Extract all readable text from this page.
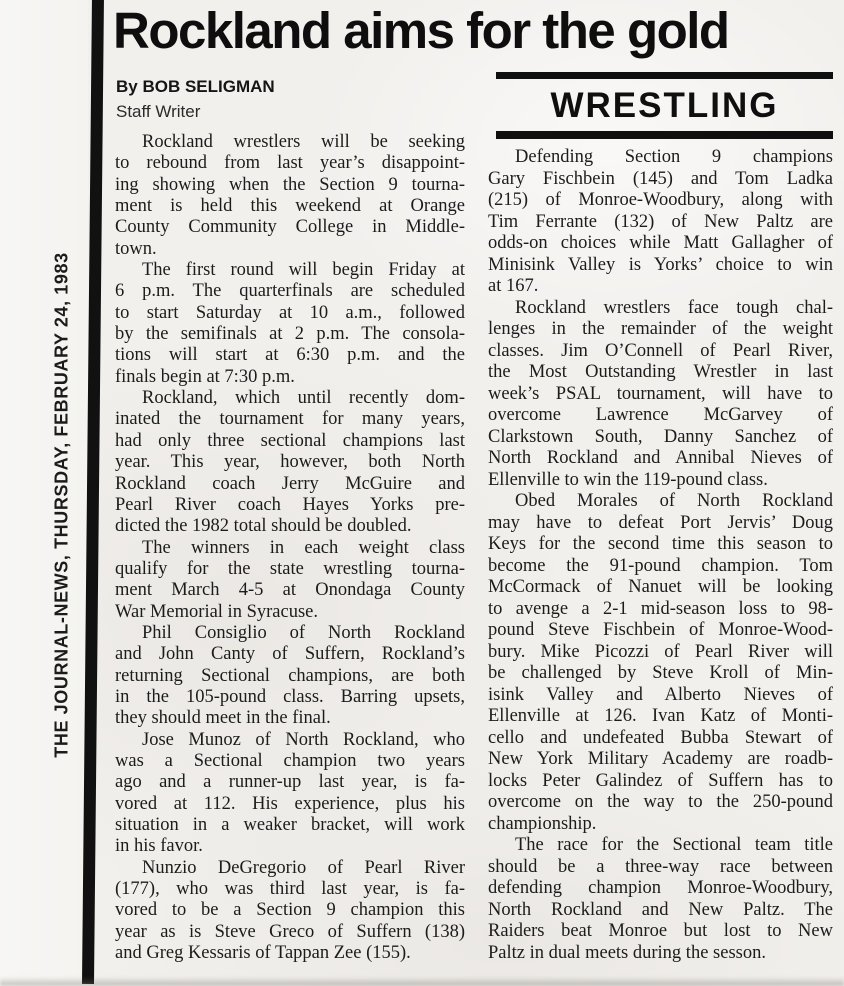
THE JOURNAL-NEWS, THURSDAY, FEBRUARY 24, 1983
Rockland aims for the gold
By BOB SELIGMAN
Staff Writer	WRESTLING
Rockland wrestlers will be seeking
to rebound from last year’s disappoint-
ing showing when the Section 9 tourna-
ment is held this weekend at Orange
County Community College in Middle-
town.
The first round will begin Friday at
6 p.m. The quarterfinals are scheduled
to start Saturday at 10 a.m., followed
by the semifinals at 2 p.m. The consola-
tions will start at 6:30 p.m. and the
finals begin at 7:30 p.m.
Rockland, which until recently dom-
inated the tournament for many years,
had only three sectional champions last
year. This year, however, both North
Rockland coach Jerry McGuire and
Pearl River coach Hayes Yorks pre-
dicted the 1982 total should be doubled.
The winners in each weight class
qualify for the state wrestling tourna-
ment March 4-5 at Onondaga County
War Memorial in Syracuse.
Phil Consiglio of North Rockland
and John Canty of Suffern, Rockland’s
returning Sectional champions, are both
in the 105-pound class. Barring upsets,
they should meet in the final.
Jose Munoz of North Rockland, who
was a Sectional champion two years
ago and a runner-up last year, is fa-
vored at 112. His experience, plus his
situation in a weaker bracket, will work
in his favor.
Nunzio DeGregorio of Pearl River
(177), who was third last year, is fa-
vored to be a Section 9 champion this
year as is Steve Greco of Suffern (138)
and Greg Kessaris of Tappan Zee (155).
Defending Section 9 champions
Gary Fischbein (145) and Tom Ladka
(215) of Monroe-Woodbury, along with
Tim Ferrante (132) of New Paltz are
odds-on choices while Matt Gallagher of
Minisink Valley is Yorks’ choice to win
at 167.
Rockland wrestlers face tough chal-
lenges in the remainder of the weight
classes. Jim O’Connell of Pearl River,
the Most Outstanding Wrestler in last
week’s PSAL tournament, will have to
overcome Lawrence McGarvey of
Clarkstown South, Danny Sanchez of
North Rockland and Annibal Nieves of
Ellenville to win the 119-pound class.
Obed Morales of North Rockland
may have to defeat Port Jervis’ Doug
Keys for the second time this season to
become the 91-pound champion. Tom
McCormack of Nanuet will be looking
to avenge a 2-1 mid-season loss to 98-
pound Steve Fischbein of Monroe-Wood-
bury. Mike Picozzi of Pearl River will
be challenged by Steve Kroll of Min-
isink Valley and Alberto Nieves of
Ellenville at 126. Ivan Katz of Monti-
cello and undefeated Bubba Stewart of
New York Military Academy are roadb-
locks Peter Galindez of Suffern has to
overcome on the way to the 250-pound
championship.
The race for the Sectional team title
should be a three-way race between
defending champion Monroe-Woodbury,
North Rockland and New Paltz. The
Raiders beat Monroe but lost to New
Paltz in dual meets during the sesson.
